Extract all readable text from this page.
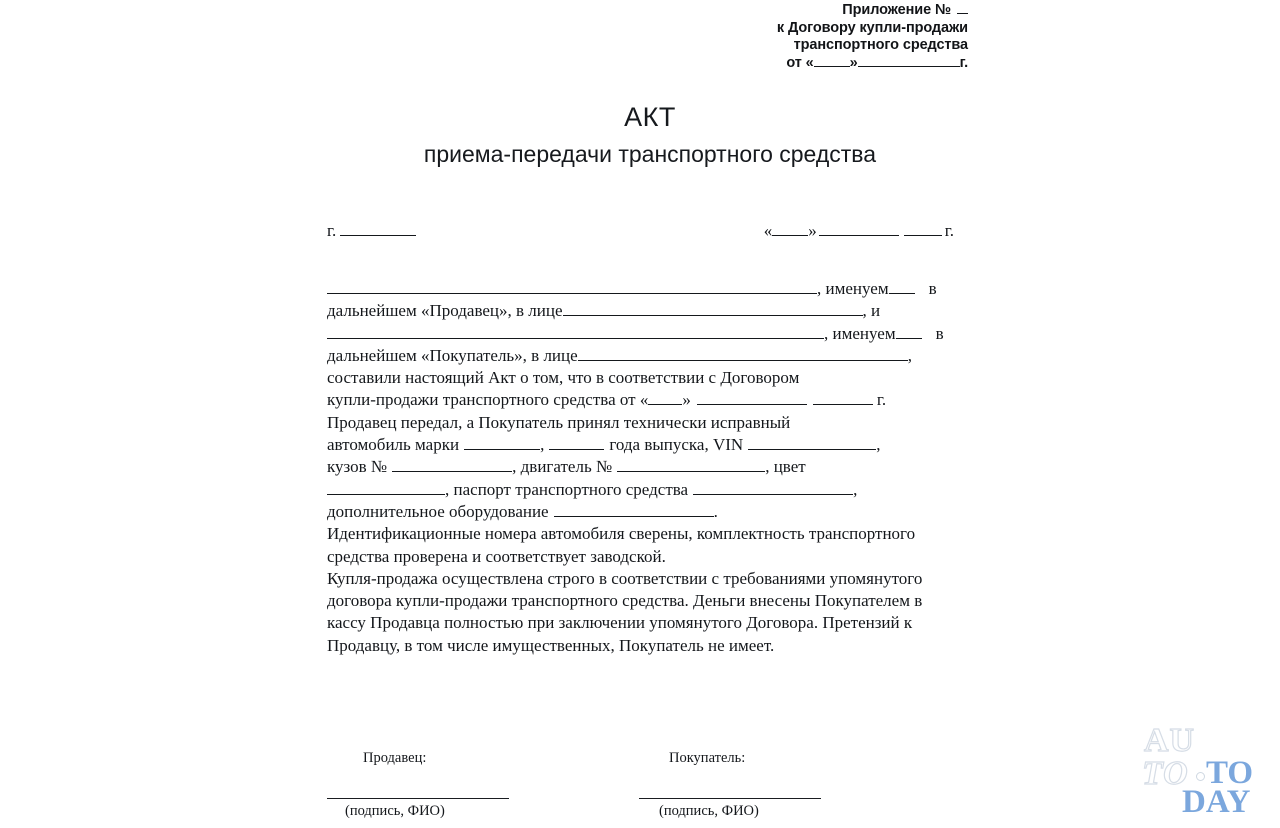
Приложение №
к Договору купли-продажи
транспортного средства
от « »	г.
АКТ
приема-передачи транспортного средства
г.	« »	г.
, именуем в
дальнейшем «Продавец», в лице	, и
, именуем в
дальнейшем «Покупатель», в лице	,
составили настоящий Акт о том, что в соответствии с Договором
купли-продажи транспортного средства от « »	г.
Продавец передал, а Покупатель принял технически исправный
автомобиль марки	,	года выпуска, VIN	,
кузов №	, двигатель №	, цвет
, паспорт транспортного средства	,
дополнительное оборудование	.
Идентификационные номера автомобиля сверены, комплектность транспортного средства проверена и соответствует заводской.
Купля-продажа осуществлена строго в соответствии с требованиями упомянутого договора купли-продажи транспортного средства. Деньги внесены Покупателем в кассу Продавца полностью при заключении упомянутого Договора. Претензий к Продавцу, в том числе имущественных, Покупатель не имеет.
Продавец:
(подпись, ФИО)
Покупатель:
(подпись, ФИО)
AU
TO TO
DAY
